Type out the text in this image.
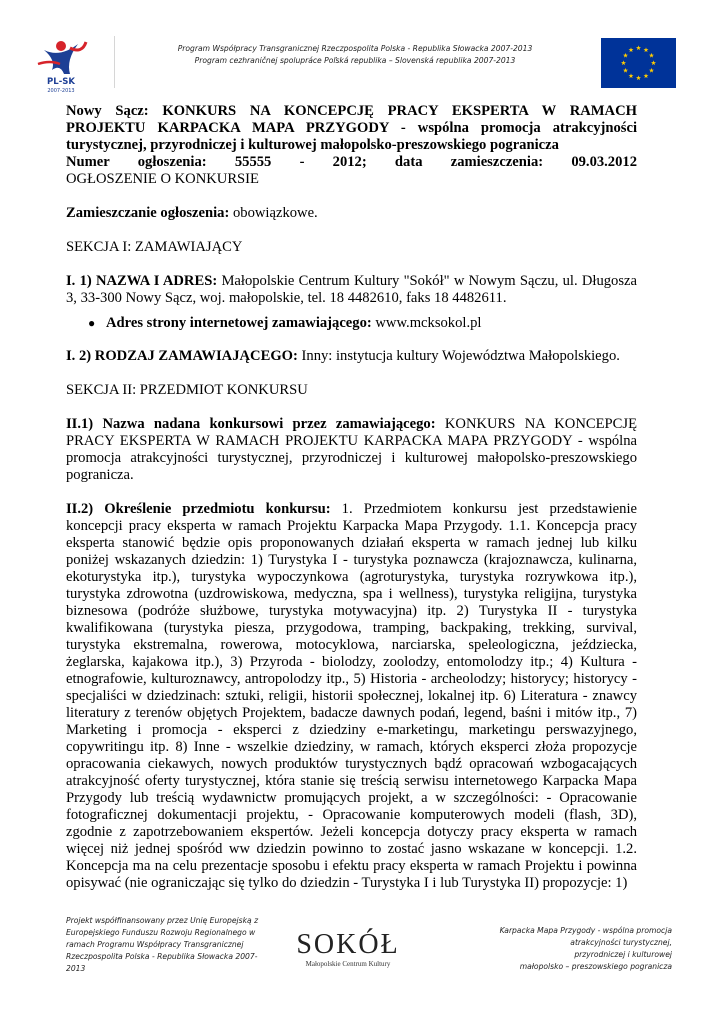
PL-SK
2007-2013
Program Współpracy Transgranicznej Rzeczpospolita Polska - Republika Słowacka 2007-2013
Program cezhraničnej spolupráce Poľská republika – Slovenská republika 2007-2013

Nowy Sącz: KONKURS NA KONCEPCJĘ PRACY EKSPERTA W RAMACH PROJEKTU KARPACKA MAPA PRZYGODY - wspólna promocja atrakcyjności turystycznej, przyrodniczej i kulturowej małopolsko-preszowskiego pogranicza

Numer ogłoszenia: 55555 - 2012; data zamieszczenia: 09.03.2012

OGŁOSZENIE O KONKURSIE

Zamieszczanie ogłoszenia: obowiązkowe.

SEKCJA I: ZAMAWIAJĄCY

I. 1) NAZWA I ADRES: Małopolskie Centrum Kultury "Sokół" w Nowym Sączu, ul. Długosza 3, 33-300 Nowy Sącz, woj. małopolskie, tel. 18 4482610, faks 18 4482611.

● Adres strony internetowej zamawiającego: www.mcksokol.pl

I. 2) RODZAJ ZAMAWIAJĄCEGO: Inny: instytucja kultury Województwa Małopolskiego.

SEKCJA II: PRZEDMIOT KONKURSU

II.1) Nazwa nadana konkursowi przez zamawiającego: KONKURS NA KONCEPCJĘ PRACY EKSPERTA W RAMACH PROJEKTU KARPACKA MAPA PRZYGODY - wspólna promocja atrakcyjności turystycznej, przyrodniczej i kulturowej małopolsko-preszowskiego pogranicza.

II.2) Określenie przedmiotu konkursu: 1. Przedmiotem konkursu jest przedstawienie koncepcji pracy eksperta w ramach Projektu Karpacka Mapa Przygody. 1.1. Koncepcja pracy eksperta stanowić będzie opis proponowanych działań eksperta w ramach jednej lub kilku poniżej wskazanych dziedzin: 1) Turystyka I - turystyka poznawcza (krajoznawcza, kulinarna, ekoturystyka itp.), turystyka wypoczynkowa (agroturystyka, turystyka rozrywkowa itp.), turystyka zdrowotna (uzdrowiskowa, medyczna, spa i wellness), turystyka religijna, turystyka biznesowa (podróże służbowe, turystyka motywacyjna) itp. 2) Turystyka II - turystyka kwalifikowana (turystyka piesza, przygodowa, tramping, backpaking, trekking, survival, turystyka ekstremalna, rowerowa, motocyklowa, narciarska, speleologiczna, jeździecka, żeglarska, kajakowa itp.), 3) Przyroda - biolodzy, zoolodzy, entomolodzy itp.; 4) Kultura - etnografowie, kulturoznawcy, antropolodzy itp., 5) Historia - archeolodzy; historycy; historycy - specjaliści w dziedzinach: sztuki, religii, historii społecznej, lokalnej itp. 6) Literatura - znawcy literatury z terenów objętych Projektem, badacze dawnych podań, legend, baśni i mitów itp., 7) Marketing i promocja - eksperci z dziedziny e-marketingu, marketingu perswazyjnego, copywritingu itp. 8) Inne - wszelkie dziedziny, w ramach, których eksperci złoża propozycje opracowania ciekawych, nowych produktów turystycznych bądź opracowań wzbogacających atrakcyjność oferty turystycznej, która stanie się treścią serwisu internetowego Karpacka Mapa Przygody lub treścią wydawnictw promujących projekt, a w szczególności: - Opracowanie fotograficznej dokumentacji projektu, - Opracowanie komputerowych modeli (flash, 3D), zgodnie z zapotrzebowaniem ekspertów. Jeżeli koncepcja dotyczy pracy eksperta w ramach więcej niż jednej spośród ww dziedzin powinno to zostać jasno wskazane w koncepcji. 1.2. Koncepcja ma na celu prezentacje sposobu i efektu pracy eksperta w ramach Projektu i powinna opisywać (nie ograniczając się tylko do dziedzin - Turystyka I i lub Turystyka II) propozycje: 1)

Projekt współfinansowany przez Unię Europejską z Europejskiego Funduszu Rozwoju Regionalnego w ramach Programu Współpracy Transgranicznej Rzeczpospolita Polska - Republika Słowacka 2007-2013
SOKÓŁ
Małopolskie Centrum Kultury
Karpacka Mapa Przygody - wspólna promocja
atrakcyjności turystycznej,
przyrodniczej i kulturowej
małopolsko – preszowskiego pogranicza
